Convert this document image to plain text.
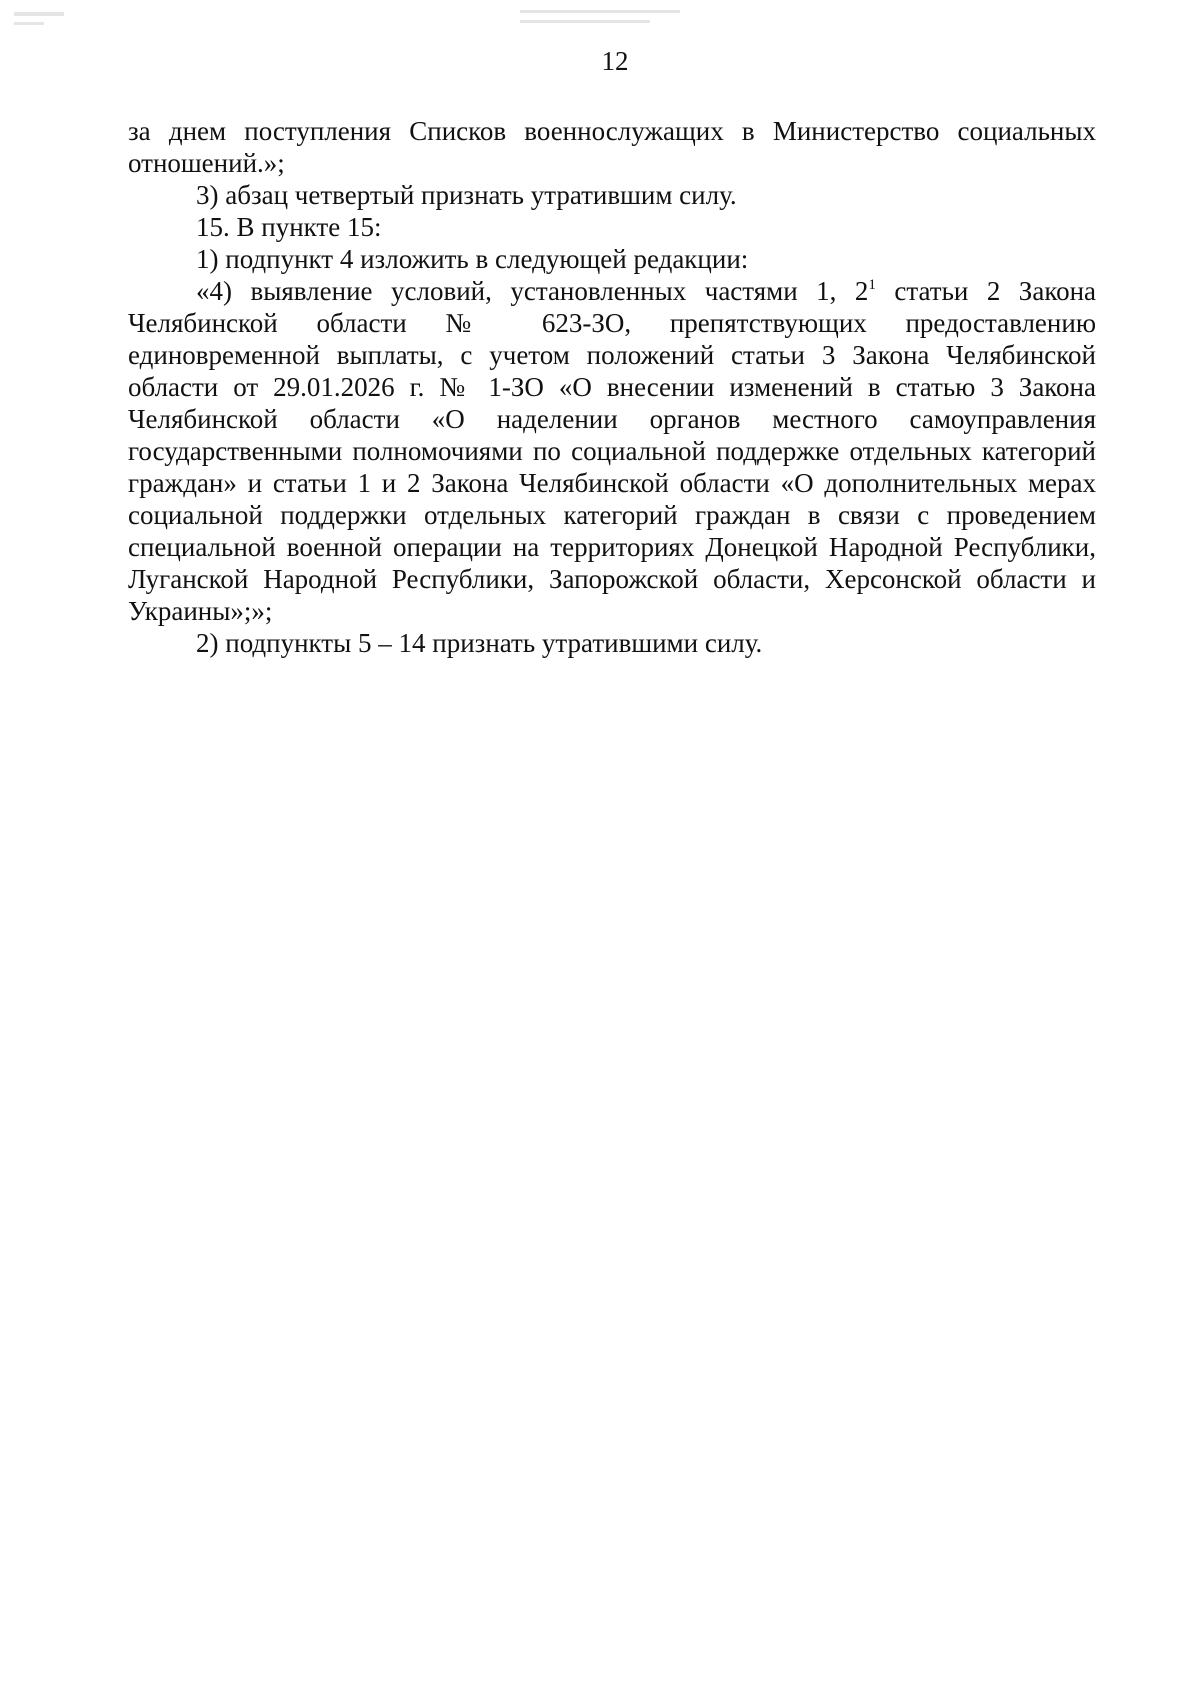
12

за днем поступления Списков военнослужащих в Министерство социальных отношений.»;

3) абзац четвертый признать утратившим силу.

15. В пункте 15:

1) подпункт 4 изложить в следующей редакции:

«4) выявление условий, установленных частями 1, $2^1$ статьи 2 Закона Челябинской области № 623-ЗО, препятствующих предоставлению единовременной выплаты, с учетом положений статьи 3 Закона Челябинской области от 29.01.2026 г. № 1-ЗО «О внесении изменений в статью 3 Закона Челябинской области «О наделении органов местного самоуправления государственными полномочиями по социальной поддержке отдельных категорий граждан» и статьи 1 и 2 Закона Челябинской области «О дополнительных мерах социальной поддержки отдельных категорий граждан в связи с проведением специальной военной операции на территориях Донецкой Народной Республики, Луганской Народной Республики, Запорожской области, Херсонской области и Украины»;»;

2) подпункты 5 – 14 признать утратившими силу.
